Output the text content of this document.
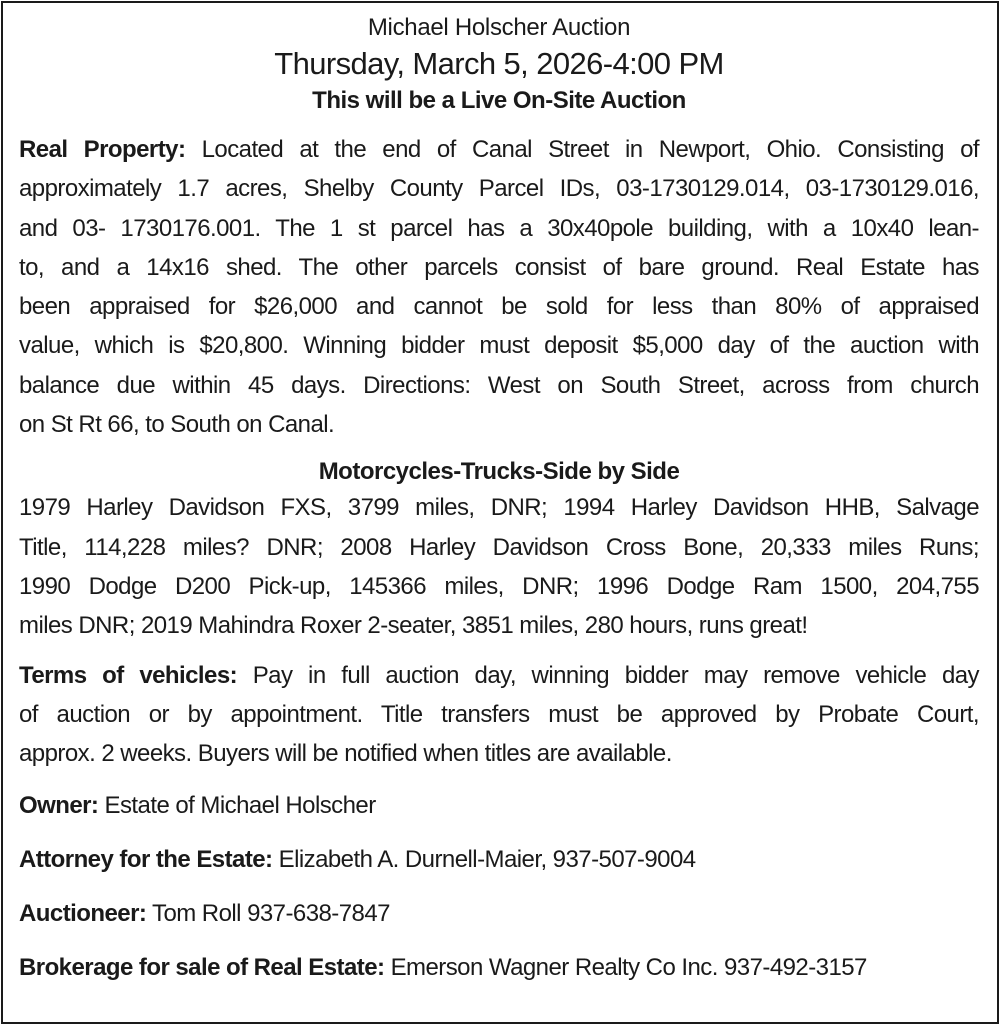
Michael Holscher Auction
Thursday, March 5, 2026-4:00 PM
This will be a Live On-Site Auction
Real Property: Located at the end of Canal Street in Newport, Ohio. Consisting of
approximately 1.7 acres, Shelby County Parcel IDs, 03-1730129.014, 03-1730129.016,
and 03- 1730176.001. The 1 st parcel has a 30x40pole building, with a 10x40 lean-
to, and a 14x16 shed. The other parcels consist of bare ground. Real Estate has
been appraised for $26,000 and cannot be sold for less than 80% of appraised
value, which is $20,800. Winning bidder must deposit $5,000 day of the auction with
balance due within 45 days. Directions: West on South Street, across from church
on St Rt 66, to South on Canal.
Motorcycles-Trucks-Side by Side
1979 Harley Davidson FXS, 3799 miles, DNR; 1994 Harley Davidson HHB, Salvage
Title, 114,228 miles? DNR; 2008 Harley Davidson Cross Bone, 20,333 miles Runs;
1990 Dodge D200 Pick-up, 145366 miles, DNR; 1996 Dodge Ram 1500, 204,755
miles DNR; 2019 Mahindra Roxer 2-seater, 3851 miles, 280 hours, runs great!
Terms of vehicles: Pay in full auction day, winning bidder may remove vehicle day
of auction or by appointment. Title transfers must be approved by Probate Court,
approx. 2 weeks. Buyers will be notified when titles are available.
Owner: Estate of Michael Holscher
Attorney for the Estate: Elizabeth A. Durnell-Maier, 937-507-9004
Auctioneer: Tom Roll 937-638-7847
Brokerage for sale of Real Estate: Emerson Wagner Realty Co Inc. 937-492-3157
